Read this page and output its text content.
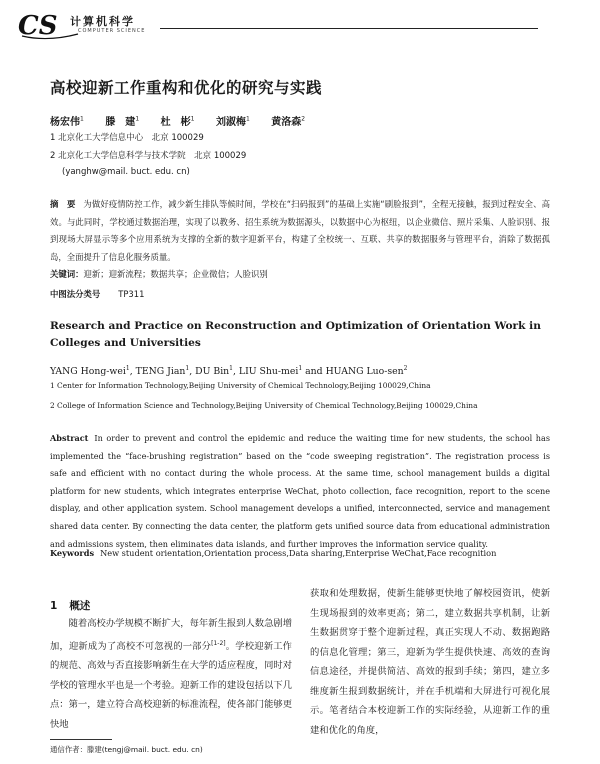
CS 计算机科学
COMPUTER SCIENCE
高校迎新工作重构和优化的研究与实践
杨宏伟$^1$ 滕　建$^1$ 杜　彬$^1$ 刘淑梅$^1$ 黄洛森$^2$
1 北京化工大学信息中心　北京 100029
2 北京化工大学信息科学与技术学院　北京 100029
(yanghw@mail. buct. edu. cn)
摘　要 为做好疫情防控工作，减少新生排队等候时间，学校在“扫码报到”的基础上实施“刷脸报到”，全程无接触，报到过程安全、高效。与此同时，学校通过数据治理，实现了以教务、招生系统为数据源头，以数据中心为枢纽，以企业微信、照片采集、人脸识别、报到现场大屏显示等多个应用系统为支撑的全新的数字迎新平台，构建了全校统一、互联、共享的数据服务与管理平台，消除了数据孤岛，全面提升了信息化服务质量。
关键词：迎新；迎新流程；数据共享；企业微信；人脸识别
中图法分类号 TP311
Research and Practice on Reconstruction and Optimization of Orientation Work in Colleges and Universities
YANG Hong-wei$^1$, TENG Jian$^1$, DU Bin$^1$, LIU Shu-mei$^1$ and HUANG Luo-sen$^2$
1 Center for Information Technology,Beijing University of Chemical Technology,Beijing 100029,China
2 College of Information Science and Technology,Beijing University of Chemical Technology,Beijing 100029,China
Abstract In order to prevent and control the epidemic and reduce the waiting time for new students, the school has implemented the “face-brushing registration” based on the “code sweeping registration”. The registration process is safe and efficient with no contact during the whole process. At the same time, school management builds a digital platform for new students, which integrates enterprise WeChat, photo collection, face recognition, report to the scene display, and other application system. School management develops a unified, interconnected, service and management shared data center. By connecting the data center, the platform gets unified source data from educational administration and admissions system, then eliminates data islands, and further improves the information service quality.
Keywords New student orientation,Orientation process,Data sharing,Enterprise WeChat,Face recognition
1 概述
随着高校办学规模不断扩大，每年新生报到人数急剧增加，迎新成为了高校不可忽视的一部分[1-2]。学校迎新工作的规范、高效与否直接影响新生在大学的适应程度，同时对学校的管理水平也是一个考验。迎新工作的建设包括以下几点：第一，建立符合高校迎新的标准流程，使各部门能够更快地
获取和处理数据，使新生能够更快地了解校园资讯，使新生现场报到的效率更高；第二，建立数据共享机制，让新生数据贯穿于整个迎新过程，真正实现人不动、数据跑路的信息化管理；第三，迎新为学生提供快速、高效的查询信息途径，并提供简洁、高效的报到手续；第四，建立多维度新生报到数据统计，并在手机端和大屏进行可视化展示。笔者结合本校迎新工作的实际经验，从迎新工作的重建和优化的角度，
通信作者：滕建(tengj@mail. buct. edu. cn)
